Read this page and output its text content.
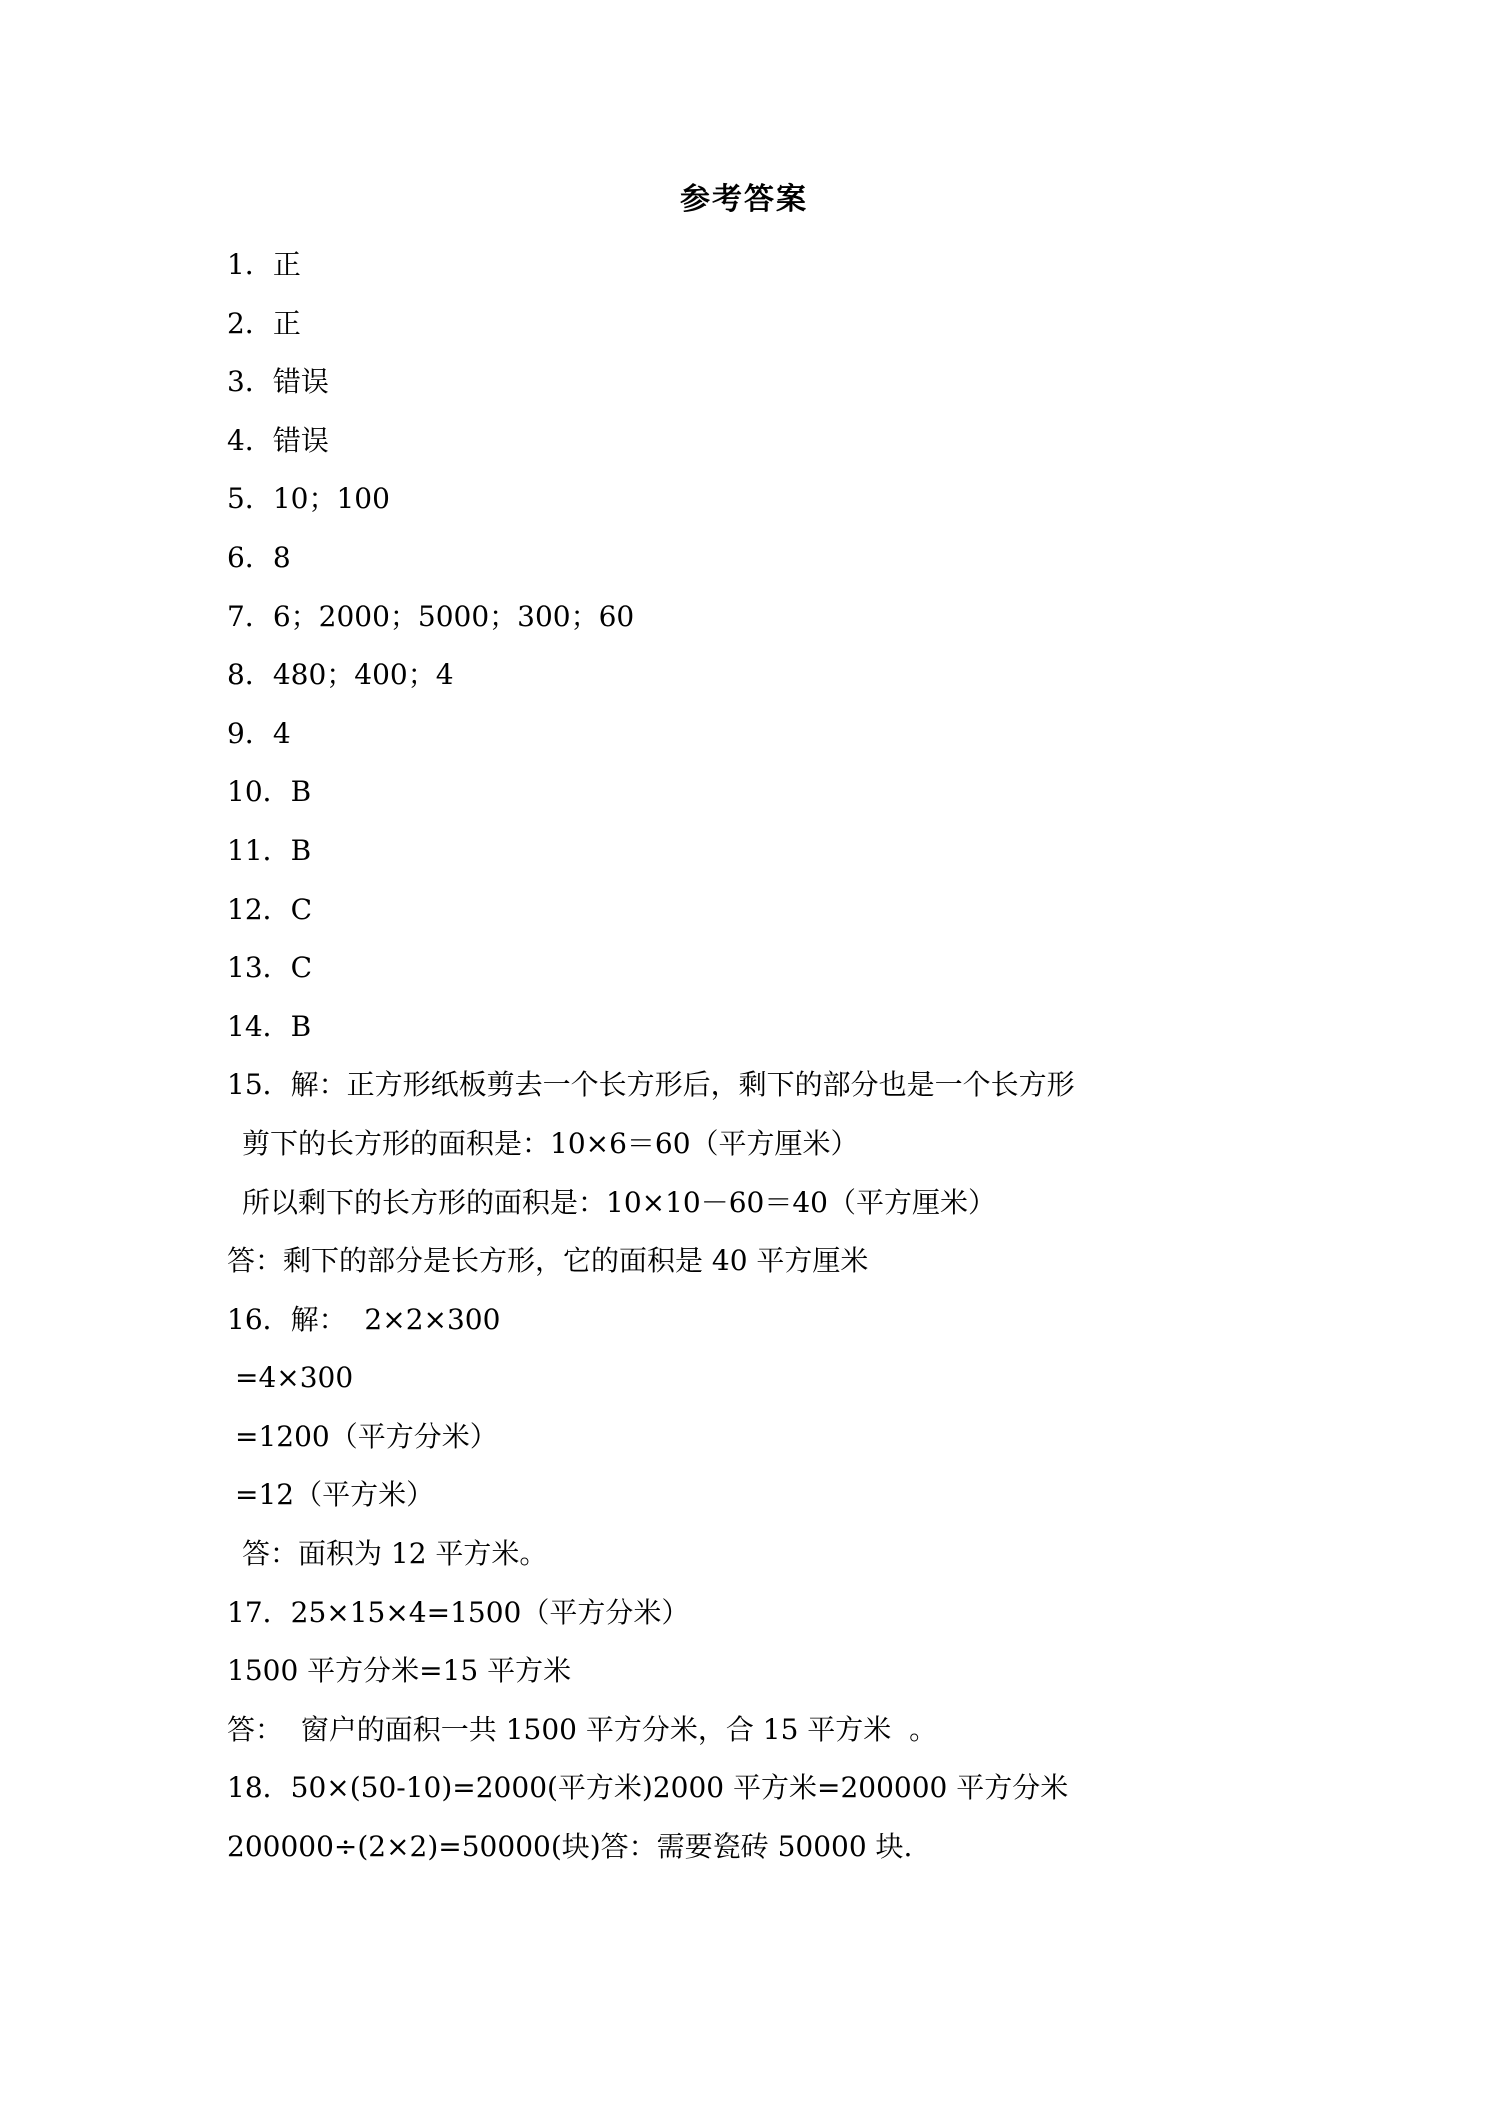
参考答案
1．正
2．正
3．错误
4．错误
5．10；100
6．8
7．6；2000；5000；300；60
8．480；400；4
9．4
10．B
11．B
12．C
13．C
14．B
15．解：正方形纸板剪去一个长方形后，剩下的部分也是一个长方形
剪下的长方形的面积是：10×6＝60（平方厘米）
所以剩下的长方形的面积是：10×10－60＝40（平方厘米）
答：剩下的部分是长方形，它的面积是 40 平方厘米
16．解：  2×2×300
=4×300
=1200（平方分米）
=12（平方米）
答：面积为 12 平方米。
17．25×15×4=1500（平方分米）
1500 平方分米=15 平方米
答：  窗户的面积一共 1500 平方分米，合 15 平方米  。
18．50×(50-10)=2000(平方米)2000 平方米=200000 平方分米
200000÷(2×2)=50000(块)答：需要瓷砖 50000 块.
